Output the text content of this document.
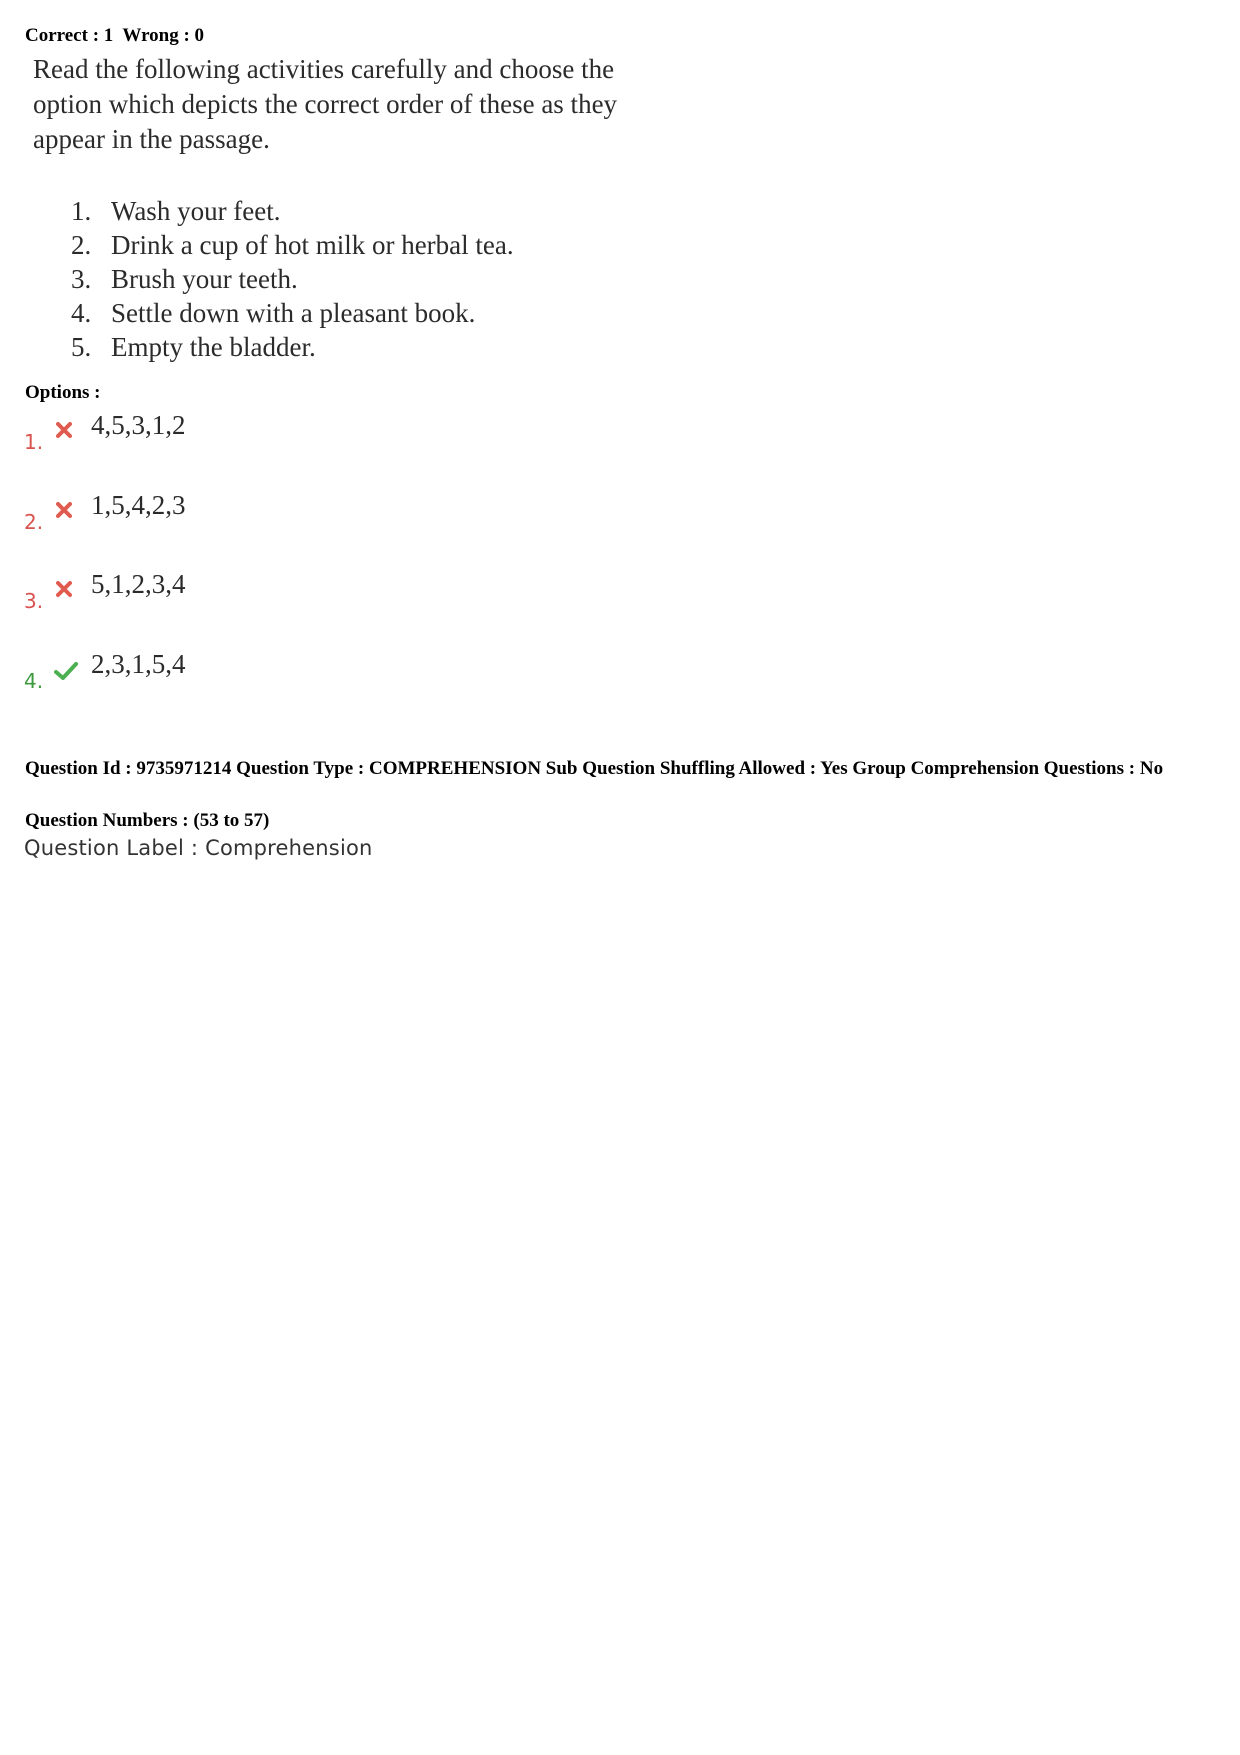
Correct : 1  Wrong : 0

Read the following activities carefully and choose the option which depicts the correct order of these as they appear in the passage.

1. Wash your feet.
2. Drink a cup of hot milk or herbal tea.
3. Brush your teeth.
4. Settle down with a pleasant book.
5. Empty the bladder.
Options :
1.
4,5,3,1,2
2.
1,5,4,2,3
3.
5,1,2,3,4
4.
2,3,1,5,4
Question Id : 9735971214 Question Type : COMPREHENSION Sub Question Shuffling Allowed : Yes Group Comprehension Questions : No
Question Numbers : (53 to 57)
Question Label : Comprehension
